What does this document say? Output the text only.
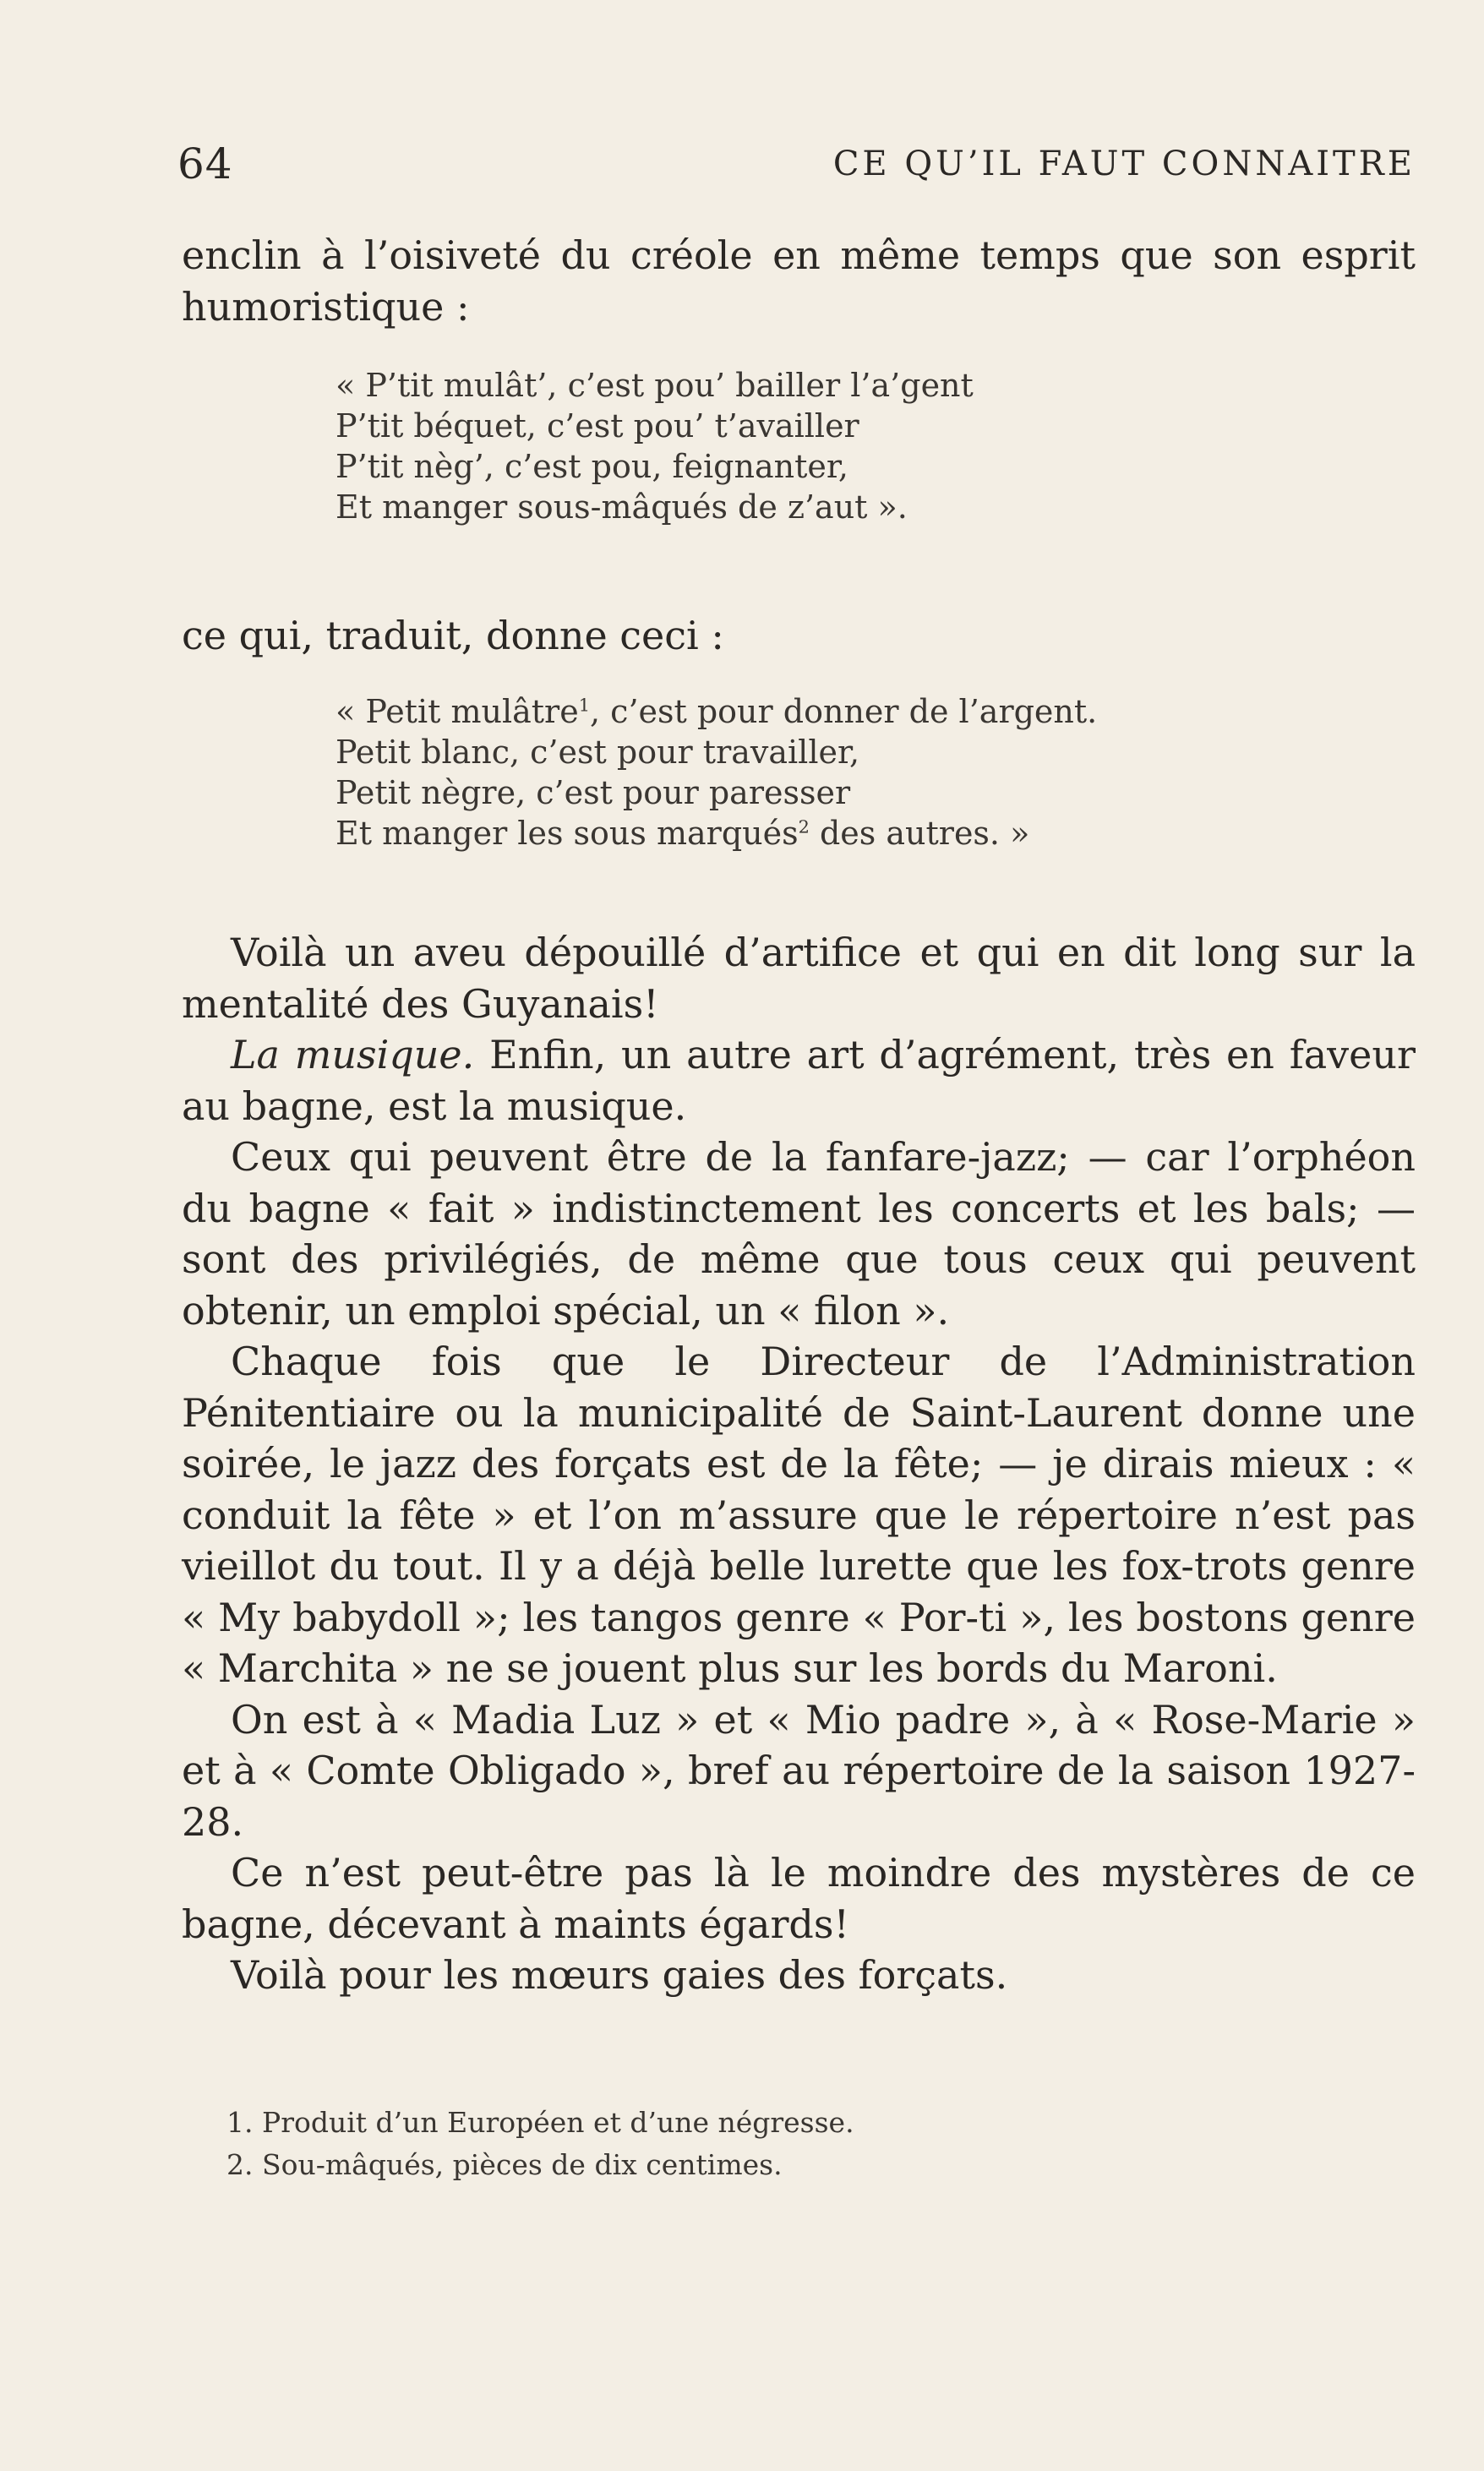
64	CE QU’IL FAUT CONNAITRE

enclin à l’oisiveté du créole en même temps que son esprit humoristique :

« P’tit mulât’, c’est pou’ bailler l’a’gent
P’tit béquet, c’est pou’ t’availler
P’tit nèg’, c’est pou, feignanter,
Et manger sous-mâqués de z’aut ».

ce qui, traduit, donne ceci :

« Petit mulâtre$^1$, c’est pour donner de l’argent.
Petit blanc, c’est pour travailler,
Petit nègre, c’est pour paresser
Et manger les sous marqués$^2$ des autres. »

Voilà un aveu dépouillé d’artifice et qui en dit long sur la mentalité des Guyanais!

La musique. Enfin, un autre art d’agrément, très en faveur au bagne, est la musique.

Ceux qui peuvent être de la fanfare-jazz; — car l’orphéon du bagne « fait » indistinctement les concerts et les bals; — sont des privilégiés, de même que tous ceux qui peuvent obtenir, un emploi spécial, un « filon ».

Chaque fois que le Directeur de l’Administration Pénitentiaire ou la municipalité de Saint-Laurent donne une soirée, le jazz des forçats est de la fête; — je dirais mieux : « conduit la fête » et l’on m’assure que le répertoire n’est pas vieillot du tout. Il y a déjà belle lurette que les fox-trots genre « My babydoll »; les tangos genre « Por-ti », les bostons genre « Marchita » ne se jouent plus sur les bords du Maroni.

On est à « Madia Luz » et « Mio padre », à « Rose-Marie » et à « Comte Obligado », bref au répertoire de la saison 1927-28.

Ce n’est peut-être pas là le moindre des mystères de ce bagne, décevant à maints égards!

Voilà pour les mœurs gaies des forçats.

1. Produit d’un Européen et d’une négresse.
2. Sou-mâqués, pièces de dix centimes.
